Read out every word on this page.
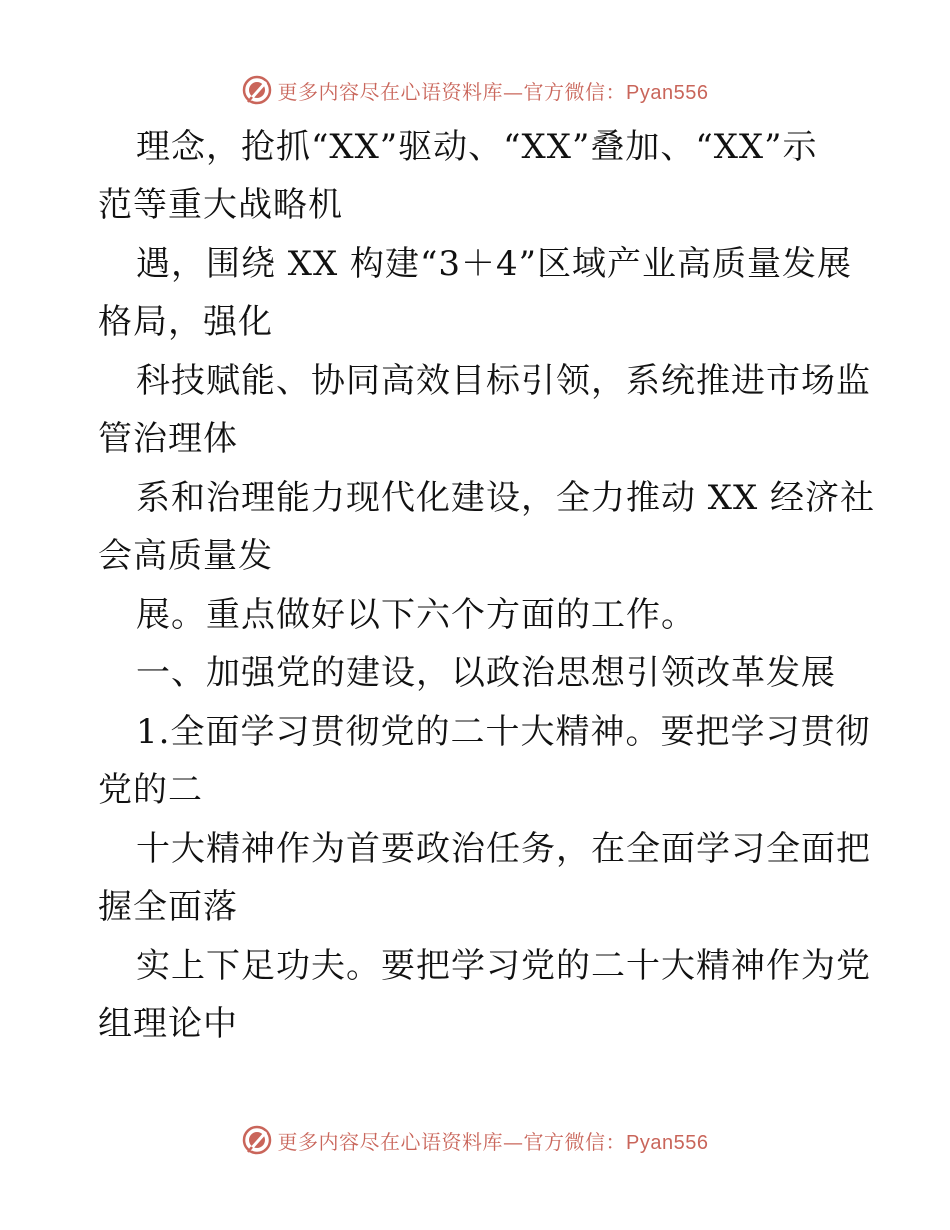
更多内容尽在心语资料库—官方微信：Pyan556
理念，抢抓“XX”驱动、“XX”叠加、“XX”示
范等重大战略机
遇，围绕 XX 构建“3＋4”区域产业高质量发展
格局，强化
科技赋能、协同高效目标引领，系统推进市场监
管治理体
系和治理能力现代化建设，全力推动 XX 经济社
会高质量发
展。重点做好以下六个方面的工作。
一、加强党的建设，以政治思想引领改革发展
1.全面学习贯彻党的二十大精神。要把学习贯彻
党的二
十大精神作为首要政治任务，在全面学习全面把
握全面落
实上下足功夫。要把学习党的二十大精神作为党
组理论中
更多内容尽在心语资料库—官方微信：Pyan556
